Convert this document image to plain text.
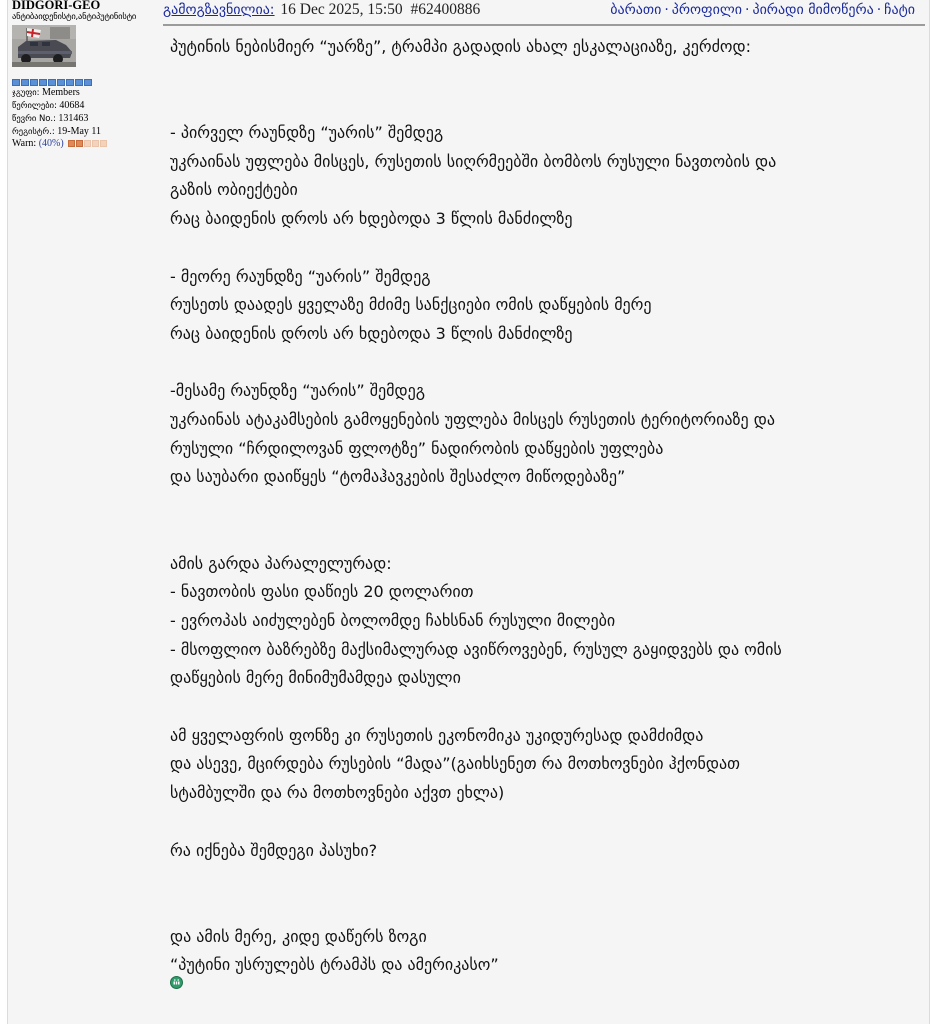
DIDGORI-GEO
ანტიბაიდენისტი,ანტიპუტინისტი
ჯგუფი: Members
წერილები: 40684
წევრი No.: 131463
რეგისტრ.: 19-May 11
Warn: (40%)
გამოგზავნილია: 16 Dec 2025, 15:50 #62400886	ბარათი · პროფილი · პირადი მიმოწერა · ჩატი
პუტინის ნებისმიერ “უარზე”, ტრამპი გადადის ახალ ესკალაციაზე, კერძოდ:
- პირველ რაუნდზე “უარის” შემდეგ
უკრაინას უფლება მისცეს, რუსეთის სიღრმეებში ბომბოს რუსული ნავთობის და
გაზის ობიექტები
რაც ბაიდენის დროს არ ხდებოდა 3 წლის მანძილზე
- მეორე რაუნდზე “უარის” შემდეგ
რუსეთს დაადეს ყველაზე მძიმე სანქციები ომის დაწყების მერე
რაც ბაიდენის დროს არ ხდებოდა 3 წლის მანძილზე
-მესამე რაუნდზე “უარის” შემდეგ
უკრაინას ატაკამსების გამოყენების უფლება მისცეს რუსეთის ტერიტორიაზე და
რუსული “ჩრდილოვან ფლოტზე” ნადირობის დაწყების უფლება
და საუბარი დაიწყეს “ტომაჰავკების შესაძლო მიწოდებაზე”
ამის გარდა პარალელურად:
- ნავთობის ფასი დაწიეს 20 დოლარით
- ევროპას აიძულებენ ბოლომდე ჩახსნან რუსული მილები
- მსოფლიო ბაზრებზე მაქსიმალურად ავიწროვებენ, რუსულ გაყიდვებს და ომის
დაწყების მერე მინიმუმამდეა დასული
ამ ყველაფრის ფონზე კი რუსეთის ეკონომიკა უკიდურესად დამძიმდა
და ასევე, მცირდება რუსების “მადა”(გაიხსენეთ რა მოთხოვნები ჰქონდათ
სტამბულში და რა მოთხოვნები აქვთ ეხლა)
რა იქნება შემდეგი პასუხი?
და ამის მერე, კიდე დაწერს ზოგი
“პუტინი უსრულებს ტრამპს და ამერიკასო”
